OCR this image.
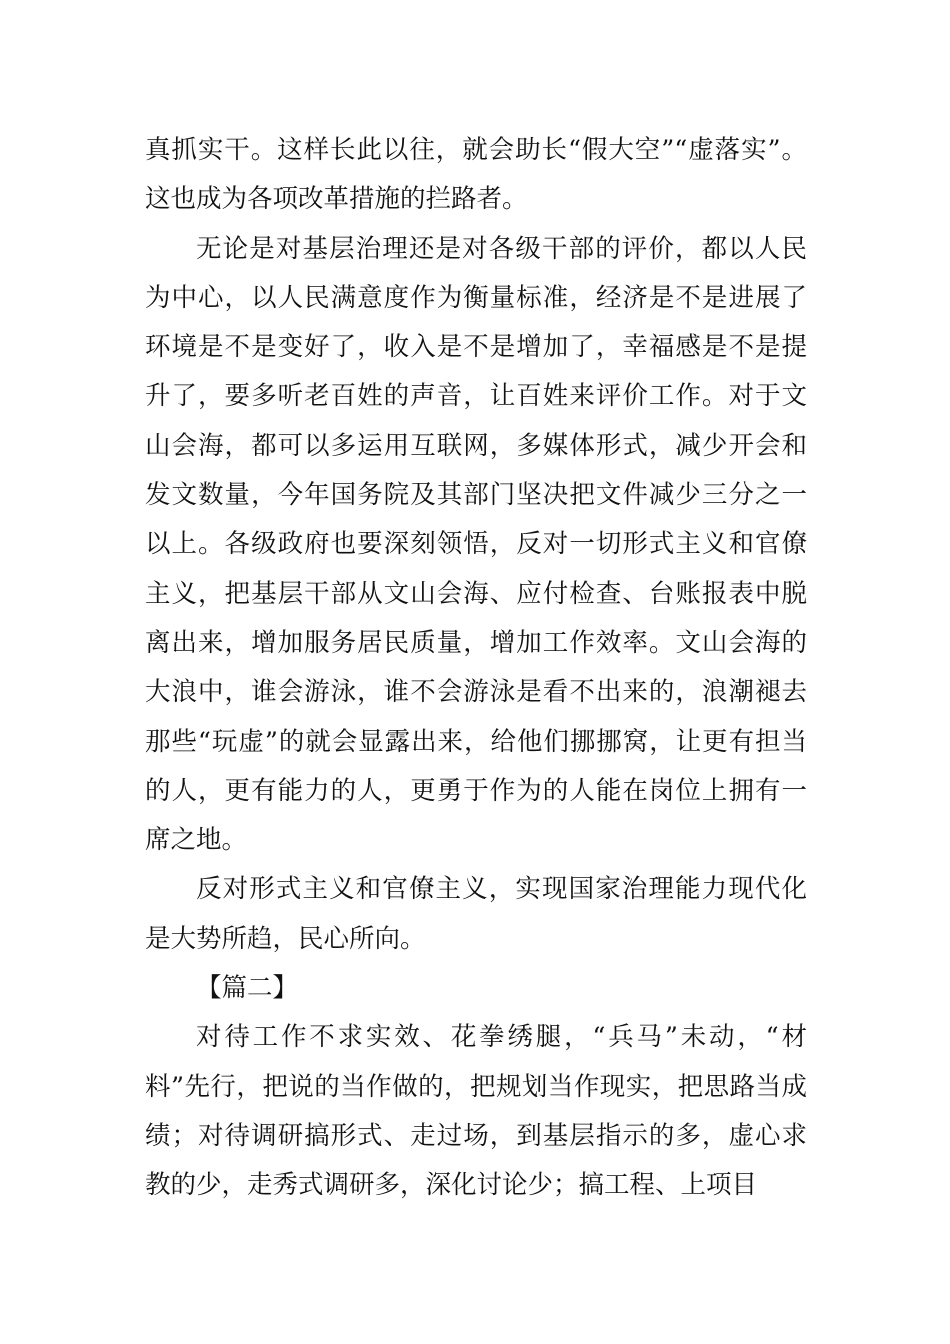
真抓实干。这样长此以往，就会助长“假大空”“虚落实”。这也成为各项改革措施的拦路者。

无论是对基层治理还是对各级干部的评价，都以人民为中心，以人民满意度作为衡量标准，经济是不是进展了环境是不是变好了，收入是不是增加了，幸福感是不是提升了，要多听老百姓的声音，让百姓来评价工作。对于文山会海，都可以多运用互联网，多媒体形式，减少开会和发文数量，今年国务院及其部门坚决把文件减少三分之一以上。各级政府也要深刻领悟，反对一切形式主义和官僚主义，把基层干部从文山会海、应付检查、台账报表中脱离出来，增加服务居民质量，增加工作效率。文山会海的大浪中，谁会游泳，谁不会游泳是看不出来的，浪潮褪去那些“玩虚”的就会显露出来，给他们挪挪窝，让更有担当的人，更有能力的人，更勇于作为的人能在岗位上拥有一席之地。

反对形式主义和官僚主义，实现国家治理能力现代化是大势所趋，民心所向。

【篇二】

对待工作不求实效、花拳绣腿，“兵马”未动，“材料”先行，把说的当作做的，把规划当作现实，把思路当成绩；对待调研搞形式、走过场，到基层指示的多，虚心求教的少，走秀式调研多，深化讨论少；搞工程、上项目
